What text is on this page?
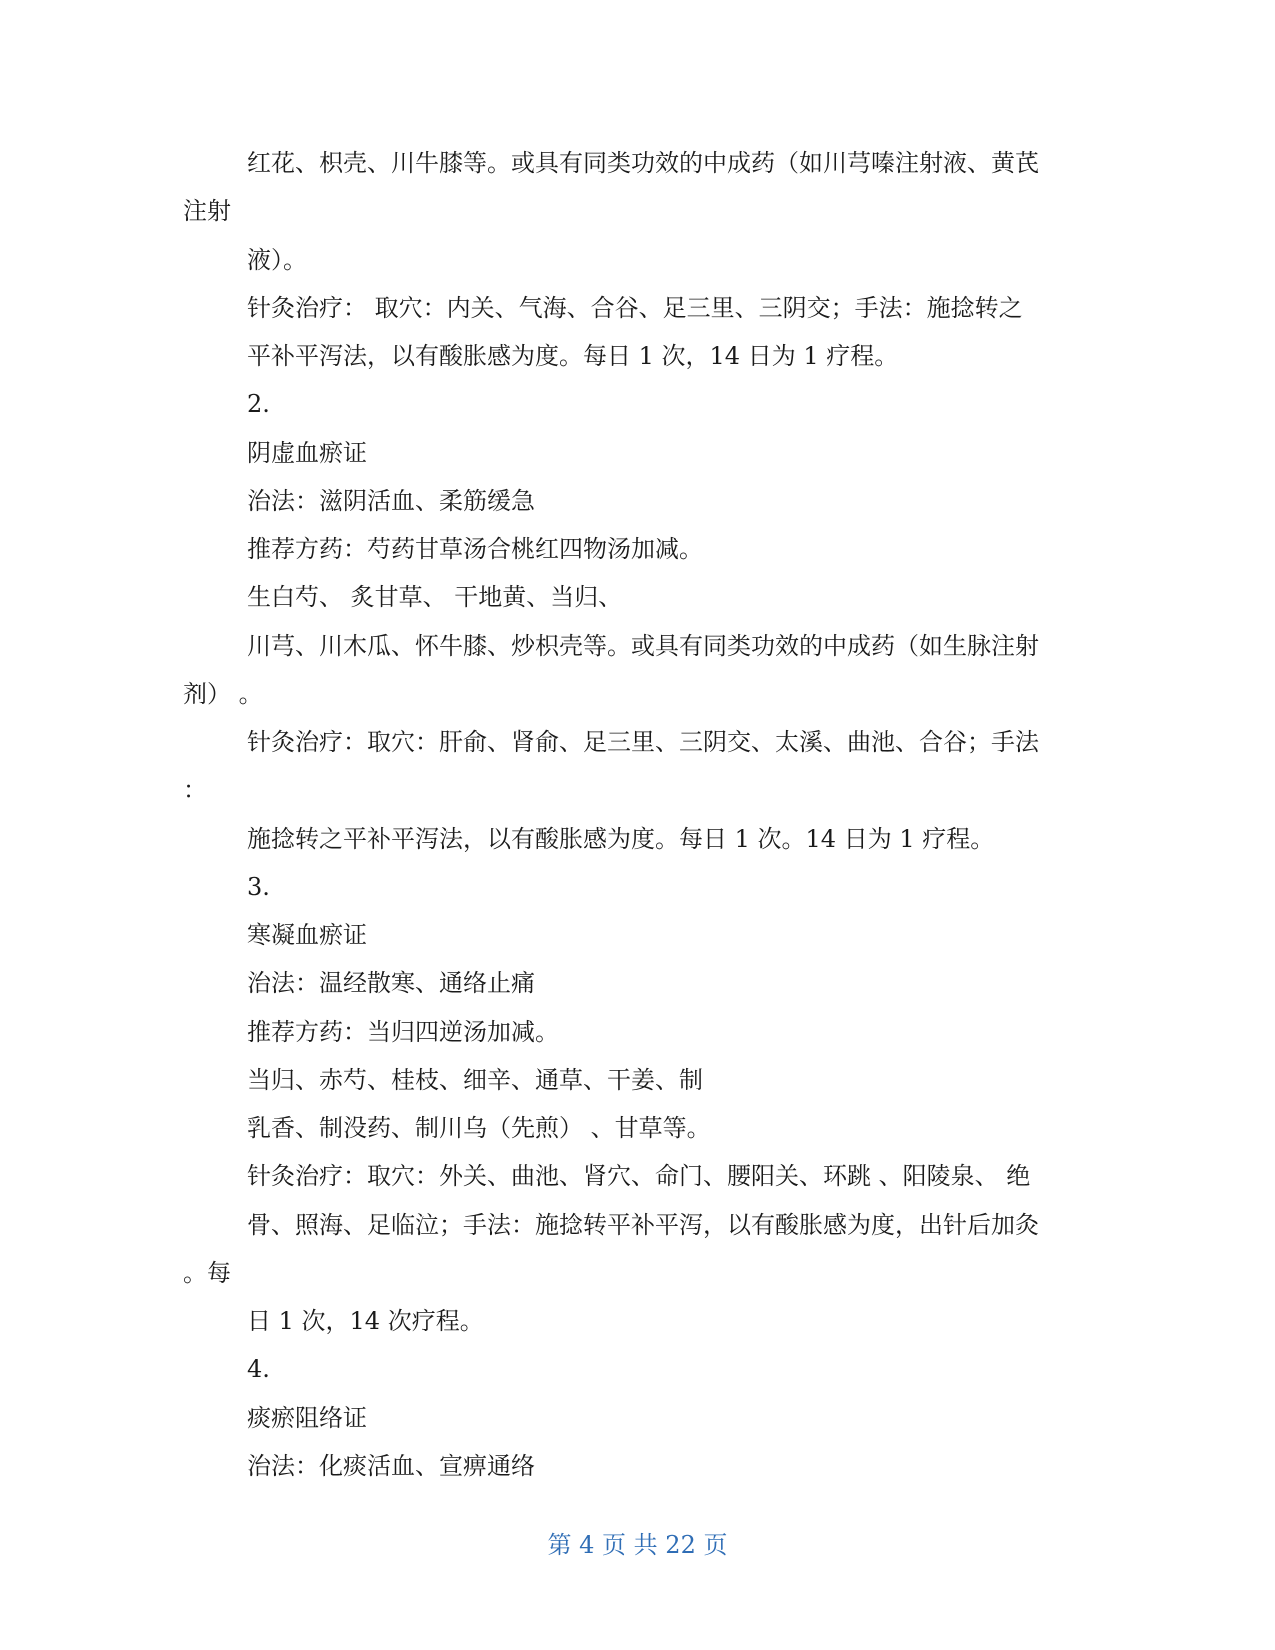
红花、枳壳、川牛膝等。或具有同类功效的中成药（如川芎嗪注射液、黄芪
注射
液）。
针灸治疗： 取穴：内关、气海、合谷、足三里、三阴交；手法：施捻转之
平补平泻法，以有酸胀感为度。每日 1 次，14 日为 1 疗程。
2.
阴虚血瘀证
治法：滋阴活血、柔筋缓急
推荐方药：芍药甘草汤合桃红四物汤加减。
生白芍、 炙甘草、 干地黄、当归、
川芎、川木瓜、怀牛膝、炒枳壳等。或具有同类功效的中成药（如生脉注射
剂） 。
针灸治疗：取穴：肝俞、肾俞、足三里、三阴交、太溪、曲池、合谷；手法
：
施捻转之平补平泻法，以有酸胀感为度。每日 1 次。14 日为 1 疗程。
3.
寒凝血瘀证
治法：温经散寒、通络止痛
推荐方药：当归四逆汤加减。
当归、赤芍、桂枝、细辛、通草、干姜、制
乳香、制没药、制川乌（先煎） 、甘草等。
针灸治疗：取穴：外关、曲池、肾穴、命门、腰阳关、环跳 、阳陵泉、 绝
骨、照海、足临泣；手法：施捻转平补平泻，以有酸胀感为度，出针后加灸
。每
日 1 次，14 次疗程。
4.
痰瘀阻络证
治法：化痰活血、宣痹通络
第 4 页 共 22 页
